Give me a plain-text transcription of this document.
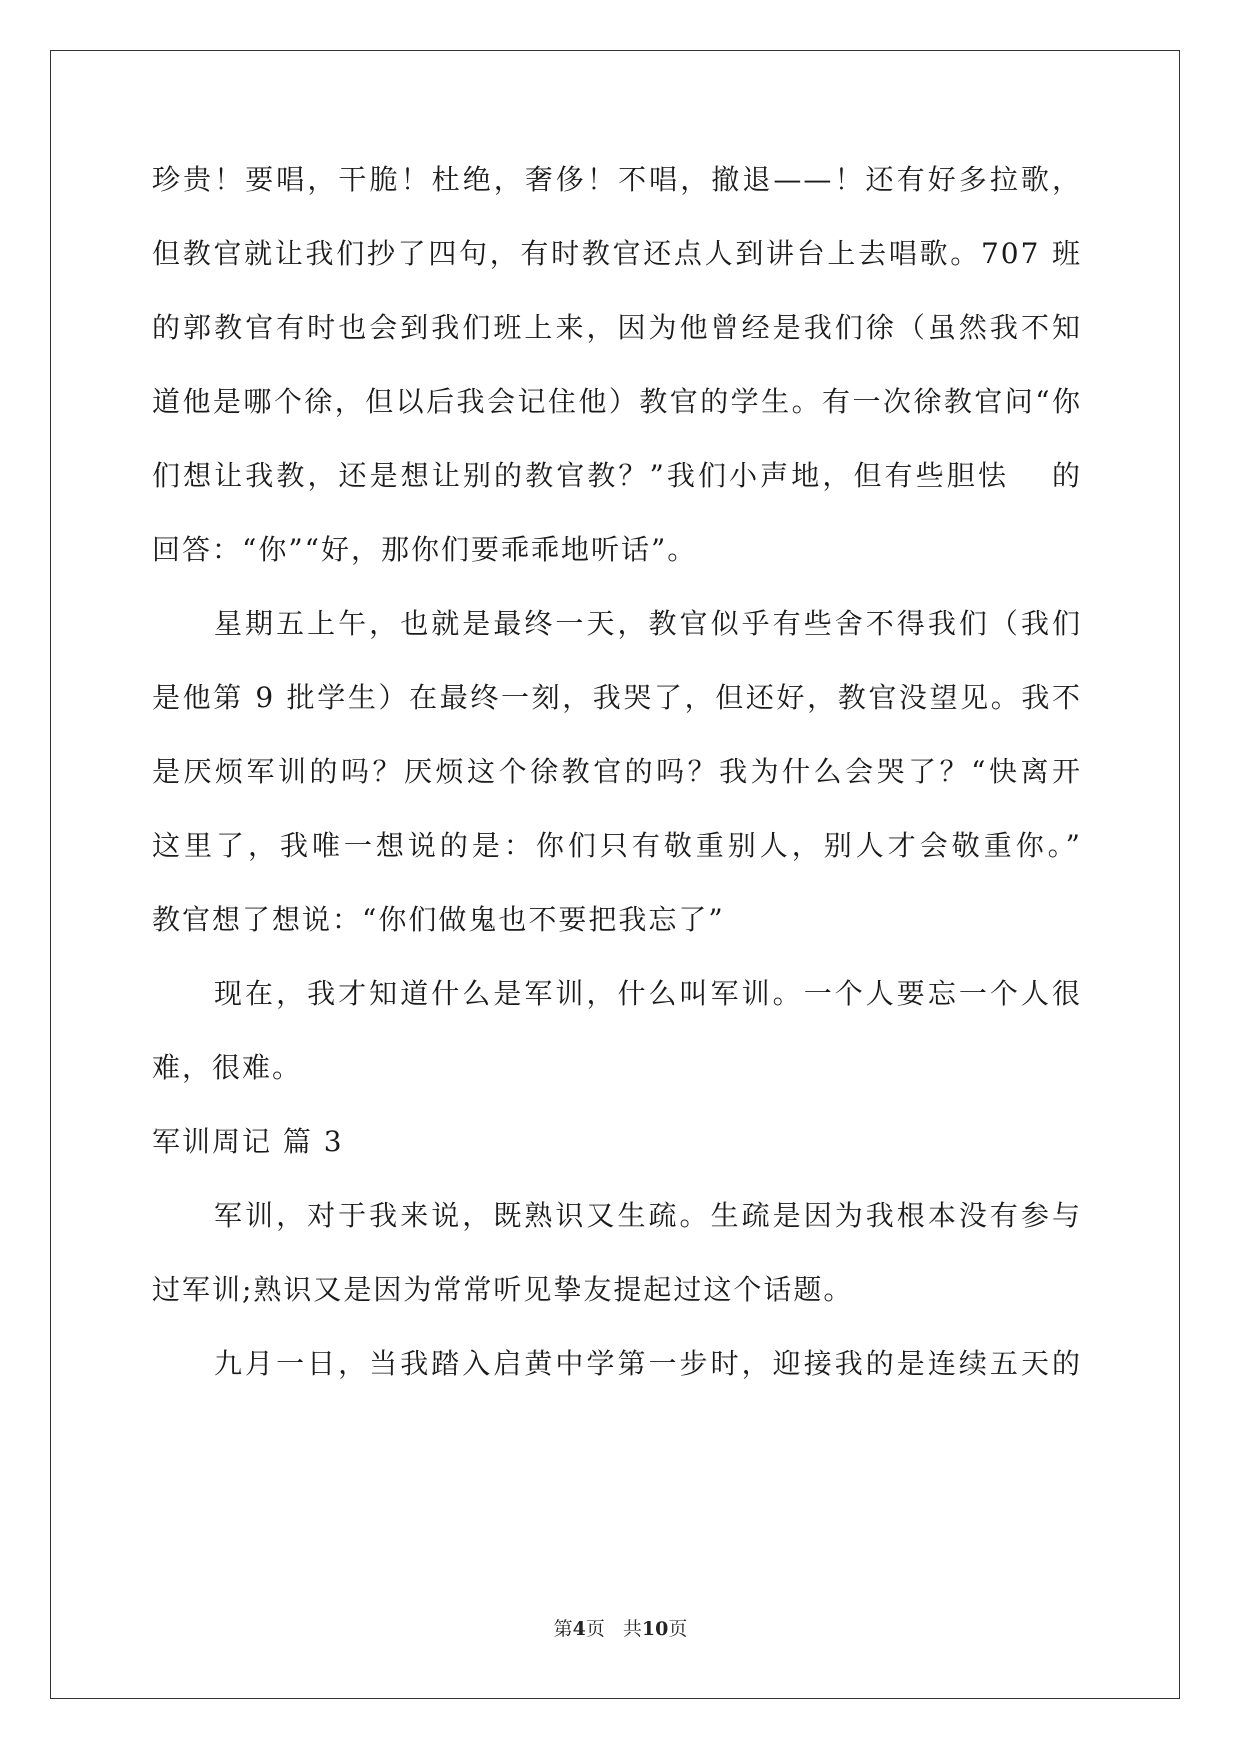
珍贵！要唱，干脆！杜绝，奢侈！不唱，撤退——！还有好多拉歌，
但教官就让我们抄了四句，有时教官还点人到讲台上去唱歌。707 班
的郭教官有时也会到我们班上来，因为他曾经是我们徐（虽然我不知
道他是哪个徐，但以后我会记住他）教官的学生。有一次徐教官问“你
们想让我教，还是想让别的教官教？”我们小声地，但有些胆怯　 的
回答：“你”“好，那你们要乖乖地听话”。
星期五上午，也就是最终一天，教官似乎有些舍不得我们（我们
是他第 9 批学生）在最终一刻，我哭了，但还好，教官没望见。我不
是厌烦军训的吗？厌烦这个徐教官的吗？我为什么会哭了？“快离开
这里了，我唯一想说的是：你们只有敬重别人，别人才会敬重你。”
教官想了想说：“你们做鬼也不要把我忘了”
现在，我才知道什么是军训，什么叫军训。一个人要忘一个人很
难，很难。
军训周记 篇 3
军训，对于我来说，既熟识又生疏。生疏是因为我根本没有参与
过军训;熟识又是因为常常听见挚友提起过这个话题。
九月一日，当我踏入启黄中学第一步时，迎接我的是连续五天的
第4页 共10页
